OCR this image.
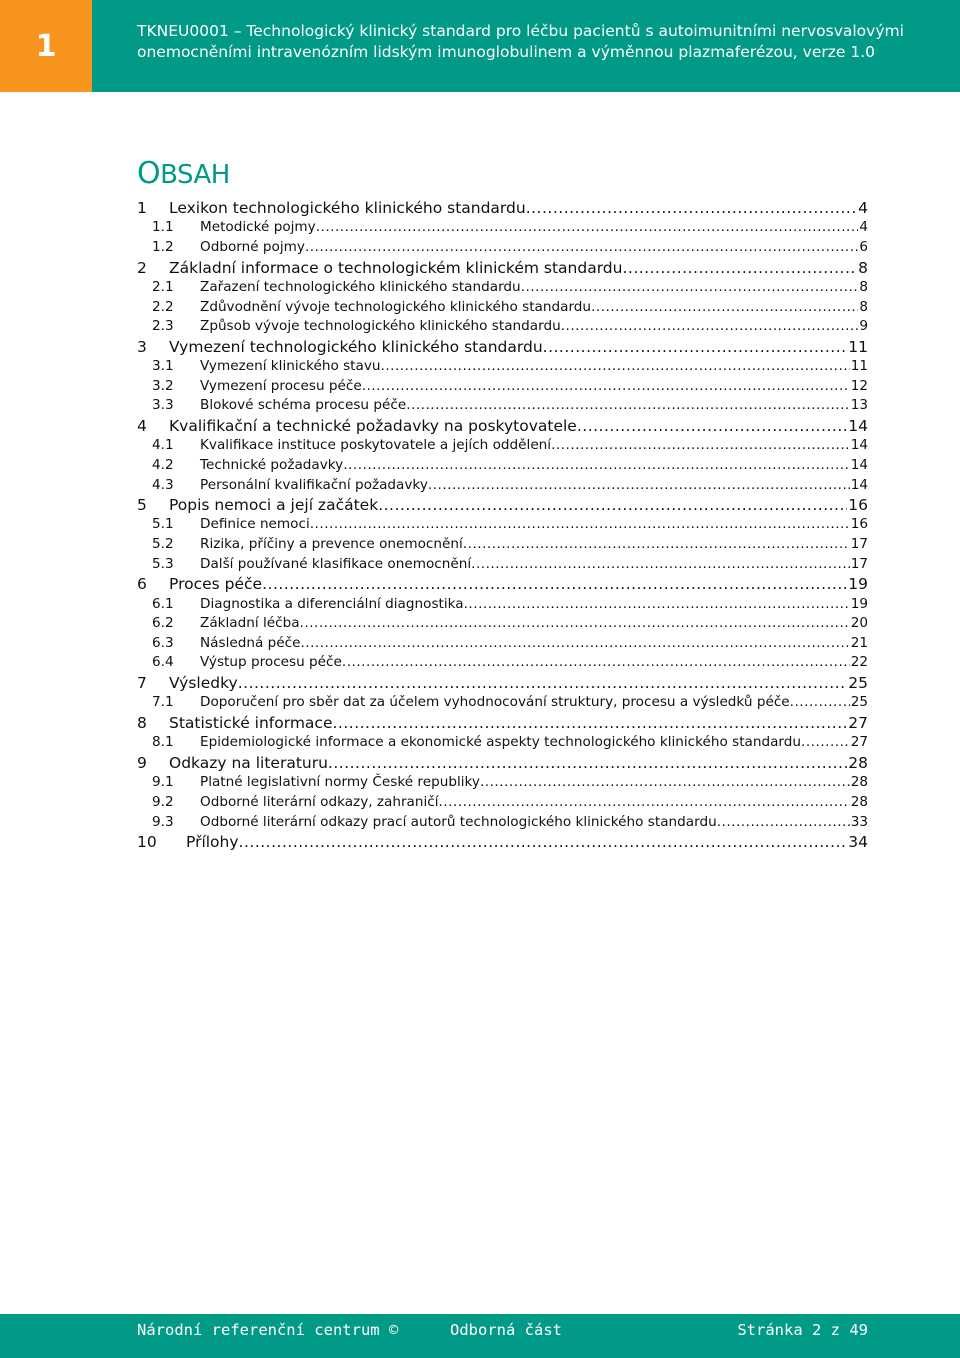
1	TKNEU0001 – Technologický klinický standard pro léčbu pacientů s autoimunitními nervosvalovými
onemocněními intravenózním lidským imunoglobulinem a výměnnou plazmaferézou, verze 1.0
OBSAH
1	Lexikon technologického klinického standardu .....	4
1.1	Metodické pojmy .....	4
1.2	Odborné pojmy .....	6
2	Základní informace o technologickém klinickém standardu .....	8
2.1	Zařazení technologického klinického standardu .....	8
2.2	Zdůvodnění vývoje technologického klinického standardu .....	8
2.3	Způsob vývoje technologického klinického standardu .....	9
3	Vymezení technologického klinického standardu .....	11
3.1	Vymezení klinického stavu .....	11
3.2	Vymezení procesu péče .....	12
3.3	Blokové schéma procesu péče .....	13
4	Kvalifikační a technické požadavky na poskytovatele .....	14
4.1	Kvalifikace instituce poskytovatele a jejích oddělení .....	14
4.2	Technické požadavky .....	14
4.3	Personální kvalifikační požadavky .....	14
5	Popis nemoci a její začátek .....	16
5.1	Definice nemoci .....	16
5.2	Rizika, příčiny a prevence onemocnění .....	17
5.3	Další používané klasifikace onemocnění .....	17
6	Proces péče .....	19
6.1	Diagnostika a diferenciální diagnostika .....	19
6.2	Základní léčba .....	20
6.3	Následná péče .....	21
6.4	Výstup procesu péče .....	22
7	Výsledky .....	25
7.1	Doporučení pro sběr dat za účelem vyhodnocování struktury, procesu a výsledků péče .....	25
8	Statistické informace .....	27
8.1	Epidemiologické informace a ekonomické aspekty technologického klinického standardu .....	27
9	Odkazy na literaturu .....	28
9.1	Platné legislativní normy České republiky .....	28
9.2	Odborné literární odkazy, zahraničí .....	28
9.3	Odborné literární odkazy prací autorů technologického klinického standardu .....	33
10	Přílohy .....	34
Národní referenční centrum ©	Odborná část	Stránka 2 z 49
